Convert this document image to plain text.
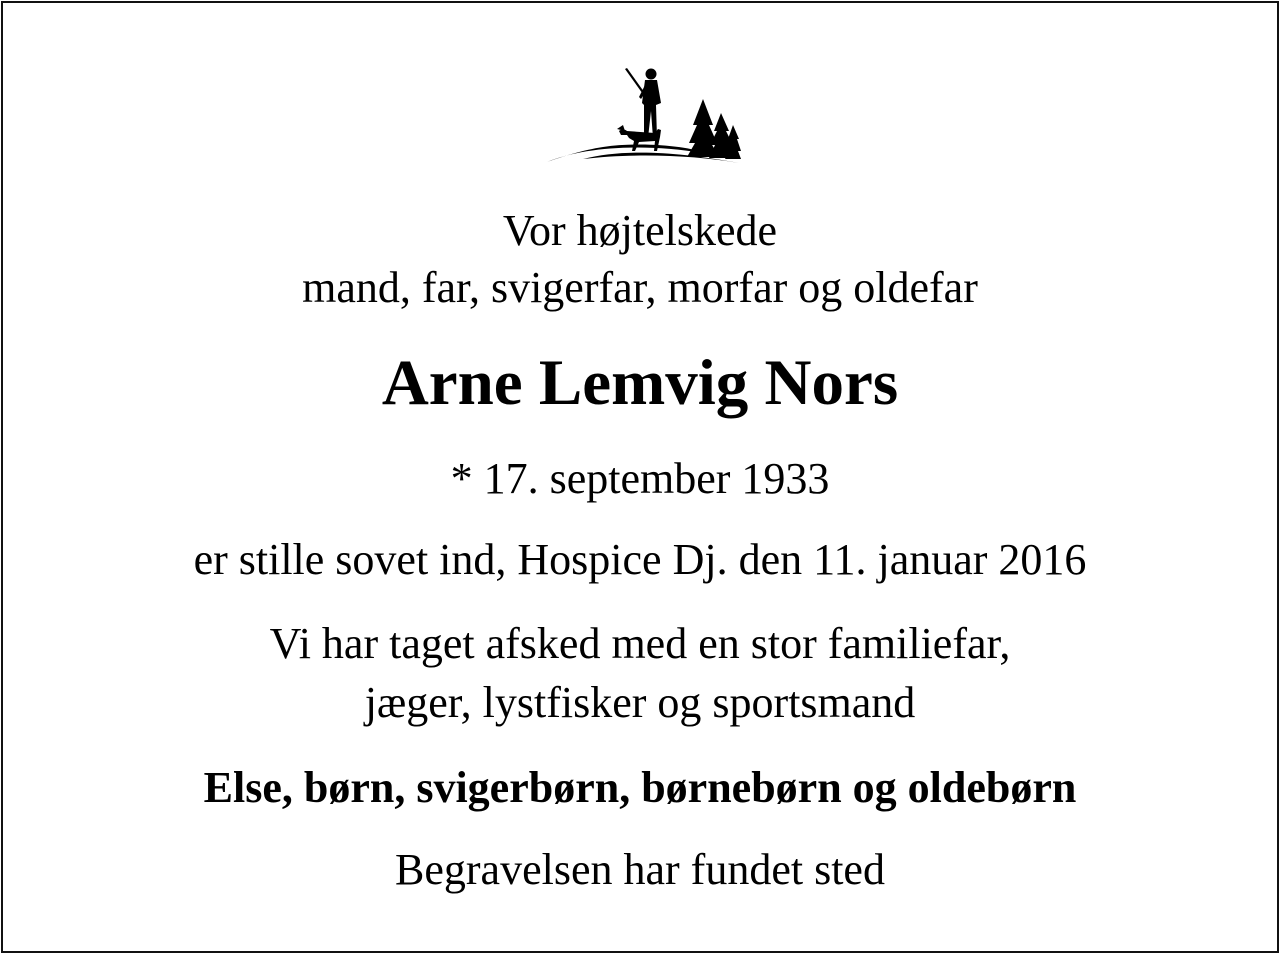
Vor højtelskede
mand, far, svigerfar, morfar og oldefar
Arne Lemvig Nors
* 17. september 1933
er stille sovet ind, Hospice Dj. den 11. januar 2016
Vi har taget afsked med en stor familiefar,
jæger, lystfisker og sportsmand
Else, børn, svigerbørn, børnebørn og oldebørn
Begravelsen har fundet sted
